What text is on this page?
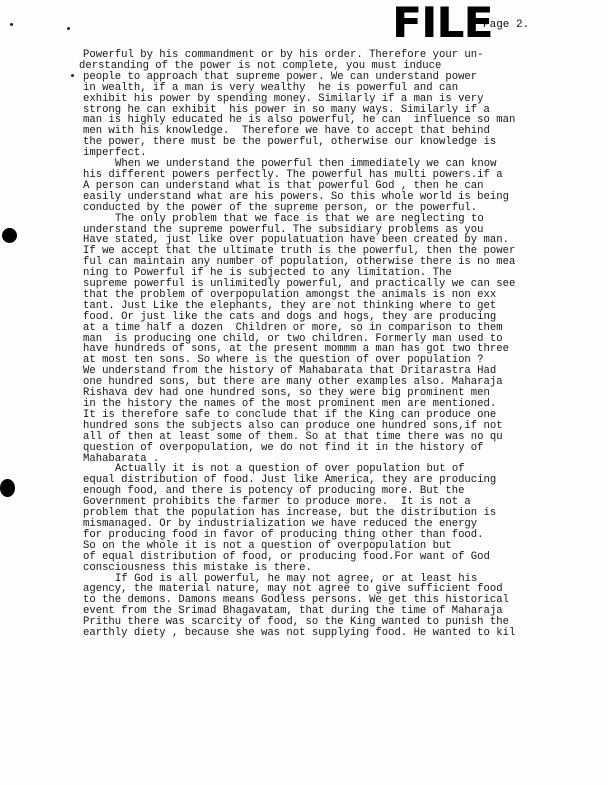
FILE
Page 2.
Powerful by his commandment or by his order. Therefore your un-
derstanding of the power is not complete, you must induce
people to approach that supreme power. We can understand power
in wealth, if a man is very wealthy  he is powerful and can
exhibit his power by spending money. Similarly if a man is very
strong he can exhibit  his power in so many ways. Similarly if a
man is highly educated he is also powerful, he can  influence so man
men with his knowledge.  Therefore we have to accept that behind
the power, there must be the powerful, otherwise our knowledge is
imperfect.
When we understand the powerful then immediately we can know
his different powers perfectly. The powerful has multi powers.if a
A person can understand what is that powerful God , then he can
easily understand what are his powers. So this whole world is being
conducted by the power of the supreme person, or the powerful.
The only problem that we face is that we are neglecting to
understand the supreme powerful. The subsidiary problems as you
Have stated, just like over populatuation have been created by man.
If we accept that the ultimate truth is the powerful, then the power
ful can maintain any number of population, otherwise there is no mea
ning to Powerful if he is subjected to any limitation. The
supreme powerful is unlimitedly powerful, and practically we can see
that the problem of overpopulation amongst the animals is non exx
tant. Just Like the elephants, they are not thinking where to get
food. Or just like the cats and dogs and hogs, they are producing
at a time half a dozen  Children or more, so in comparison to them
man  is producing one child, or two children. Formerly man used to
have hundreds of sons, at the present mommm a man has got two three
at most ten sons. So where is the question of over population ?
We understand from the history of Mahabarata that Dritarastra Had
one hundred sons, but there are many other examples also. Maharaja
Rishava dev had one hundred sons, so they were big prominent men
in the history the names of the most prominent men are mentioned.
It is therefore safe to conclude that if the King can produce one
hundred sons the subjects also can produce one hundred sons,if not
all of then at least some of them. So at that time there was no qu
question of overpopulation, we do not find it in the history of
Mahabarata .
Actually it is not a question of over population but of
equal distribution of food. Just like America, they are producing
enough food, and there is potency of producing more. But the
Government prohibits the farmer to produce more.  It is not a
problem that the population has increase, but the distribution is
mismanaged. Or by industrialization we have reduced the energy
for producing food in favor of producing thing other than food.
So on the whole it is not a question of overpopulation but
of equal distribution of food, or producing food.For want of God
consciousness this mistake is there.
If God is all powerful, he may not agree, or at least his
agency, the material nature, may not agree to give sufficient food
to the demons. Damons means Godless persons. We get this historical
event from the Srimad Bhagavatam, that during the time of Maharaja
Prithu there was scarcity of food, so the King wanted to punish the
earthly diety , because she was not supplying food. He wanted to kil
